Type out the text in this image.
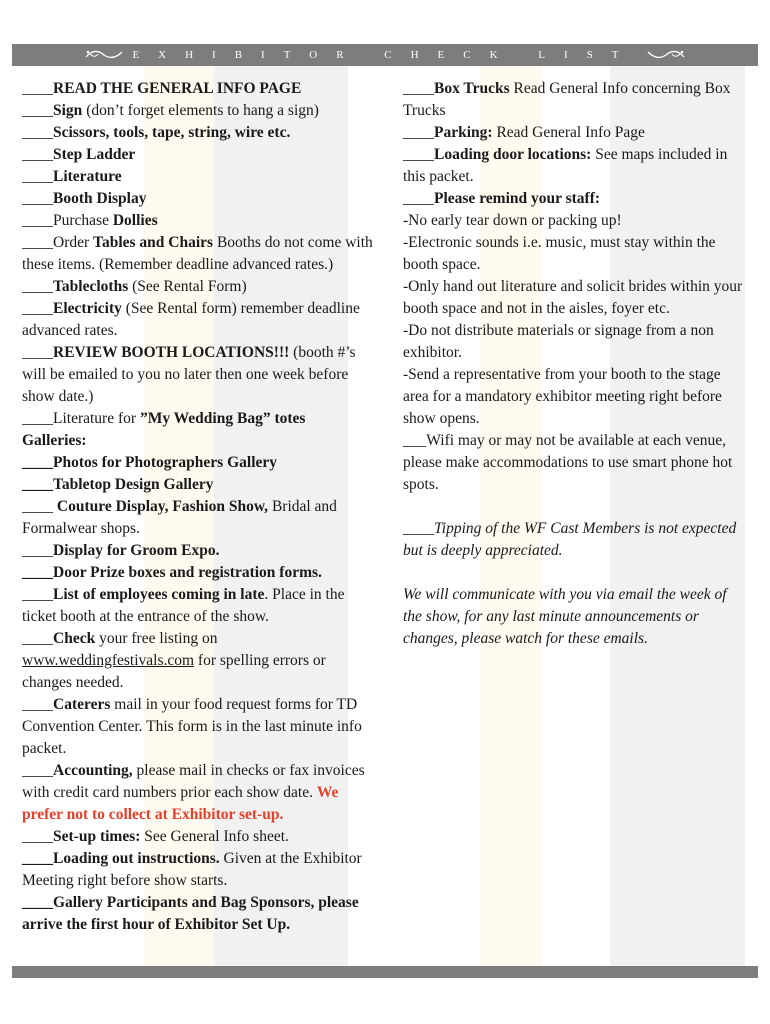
EXHIBITOR CHECK LIST

____READ THE GENERAL INFO PAGE

____Sign (don’t forget elements to hang a sign)

____Scissors, tools, tape, string, wire etc.

____Step Ladder

____Literature

____Booth Display

____Purchase Dollies

____Order Tables and Chairs Booths do not come with these items. (Remember deadline advanced rates.)

____Tablecloths (See Rental Form)

____Electricity (See Rental form) remember deadline advanced rates.

____REVIEW BOOTH LOCATIONS!!! (booth #’s will be emailed to you no later then one week before show date.)

____Literature for ”My Wedding Bag” totes

Galleries:

____Photos for Photographers Gallery

____Tabletop Design Gallery

____ Couture Display, Fashion Show, Bridal and Formalwear shops.

____Display for Groom Expo.

____Door Prize boxes and registration forms.

____List of employees coming in late. Place in the ticket booth at the entrance of the show.

____Check your free listing on www.weddingfestivals.com for spelling errors or changes needed.

____Caterers mail in your food request forms for TD Convention Center. This form is in the last minute info packet.

____Accounting, please mail in checks or fax invoices with credit card numbers prior each show date. We prefer not to collect at Exhibitor set-up.

____Set-up times: See General Info sheet.

____Loading out instructions. Given at the Exhibitor Meeting right before show starts.

____Gallery Participants and Bag Sponsors, please arrive the first hour of Exhibitor Set Up.

____Box Trucks Read General Info concerning Box Trucks

____Parking: Read General Info Page

____Loading door locations: See maps included in this packet.

____Please remind your staff:

-No early tear down or packing up!

-Electronic sounds i.e. music, must stay within the booth space.

-Only hand out literature and solicit brides within your booth space and not in the aisles, foyer etc.

-Do not distribute materials or signage from a non exhibitor.

-Send a representative from your booth to the stage area for a mandatory exhibitor meeting right before show opens.

___Wifi may or may not be available at each venue, please make accommodations to use smart phone hot spots.

____Tipping of the WF Cast Members is not expected but is deeply appreciated.

We will communicate with you via email the week of the show, for any last minute announcements or changes, please watch for these emails.
